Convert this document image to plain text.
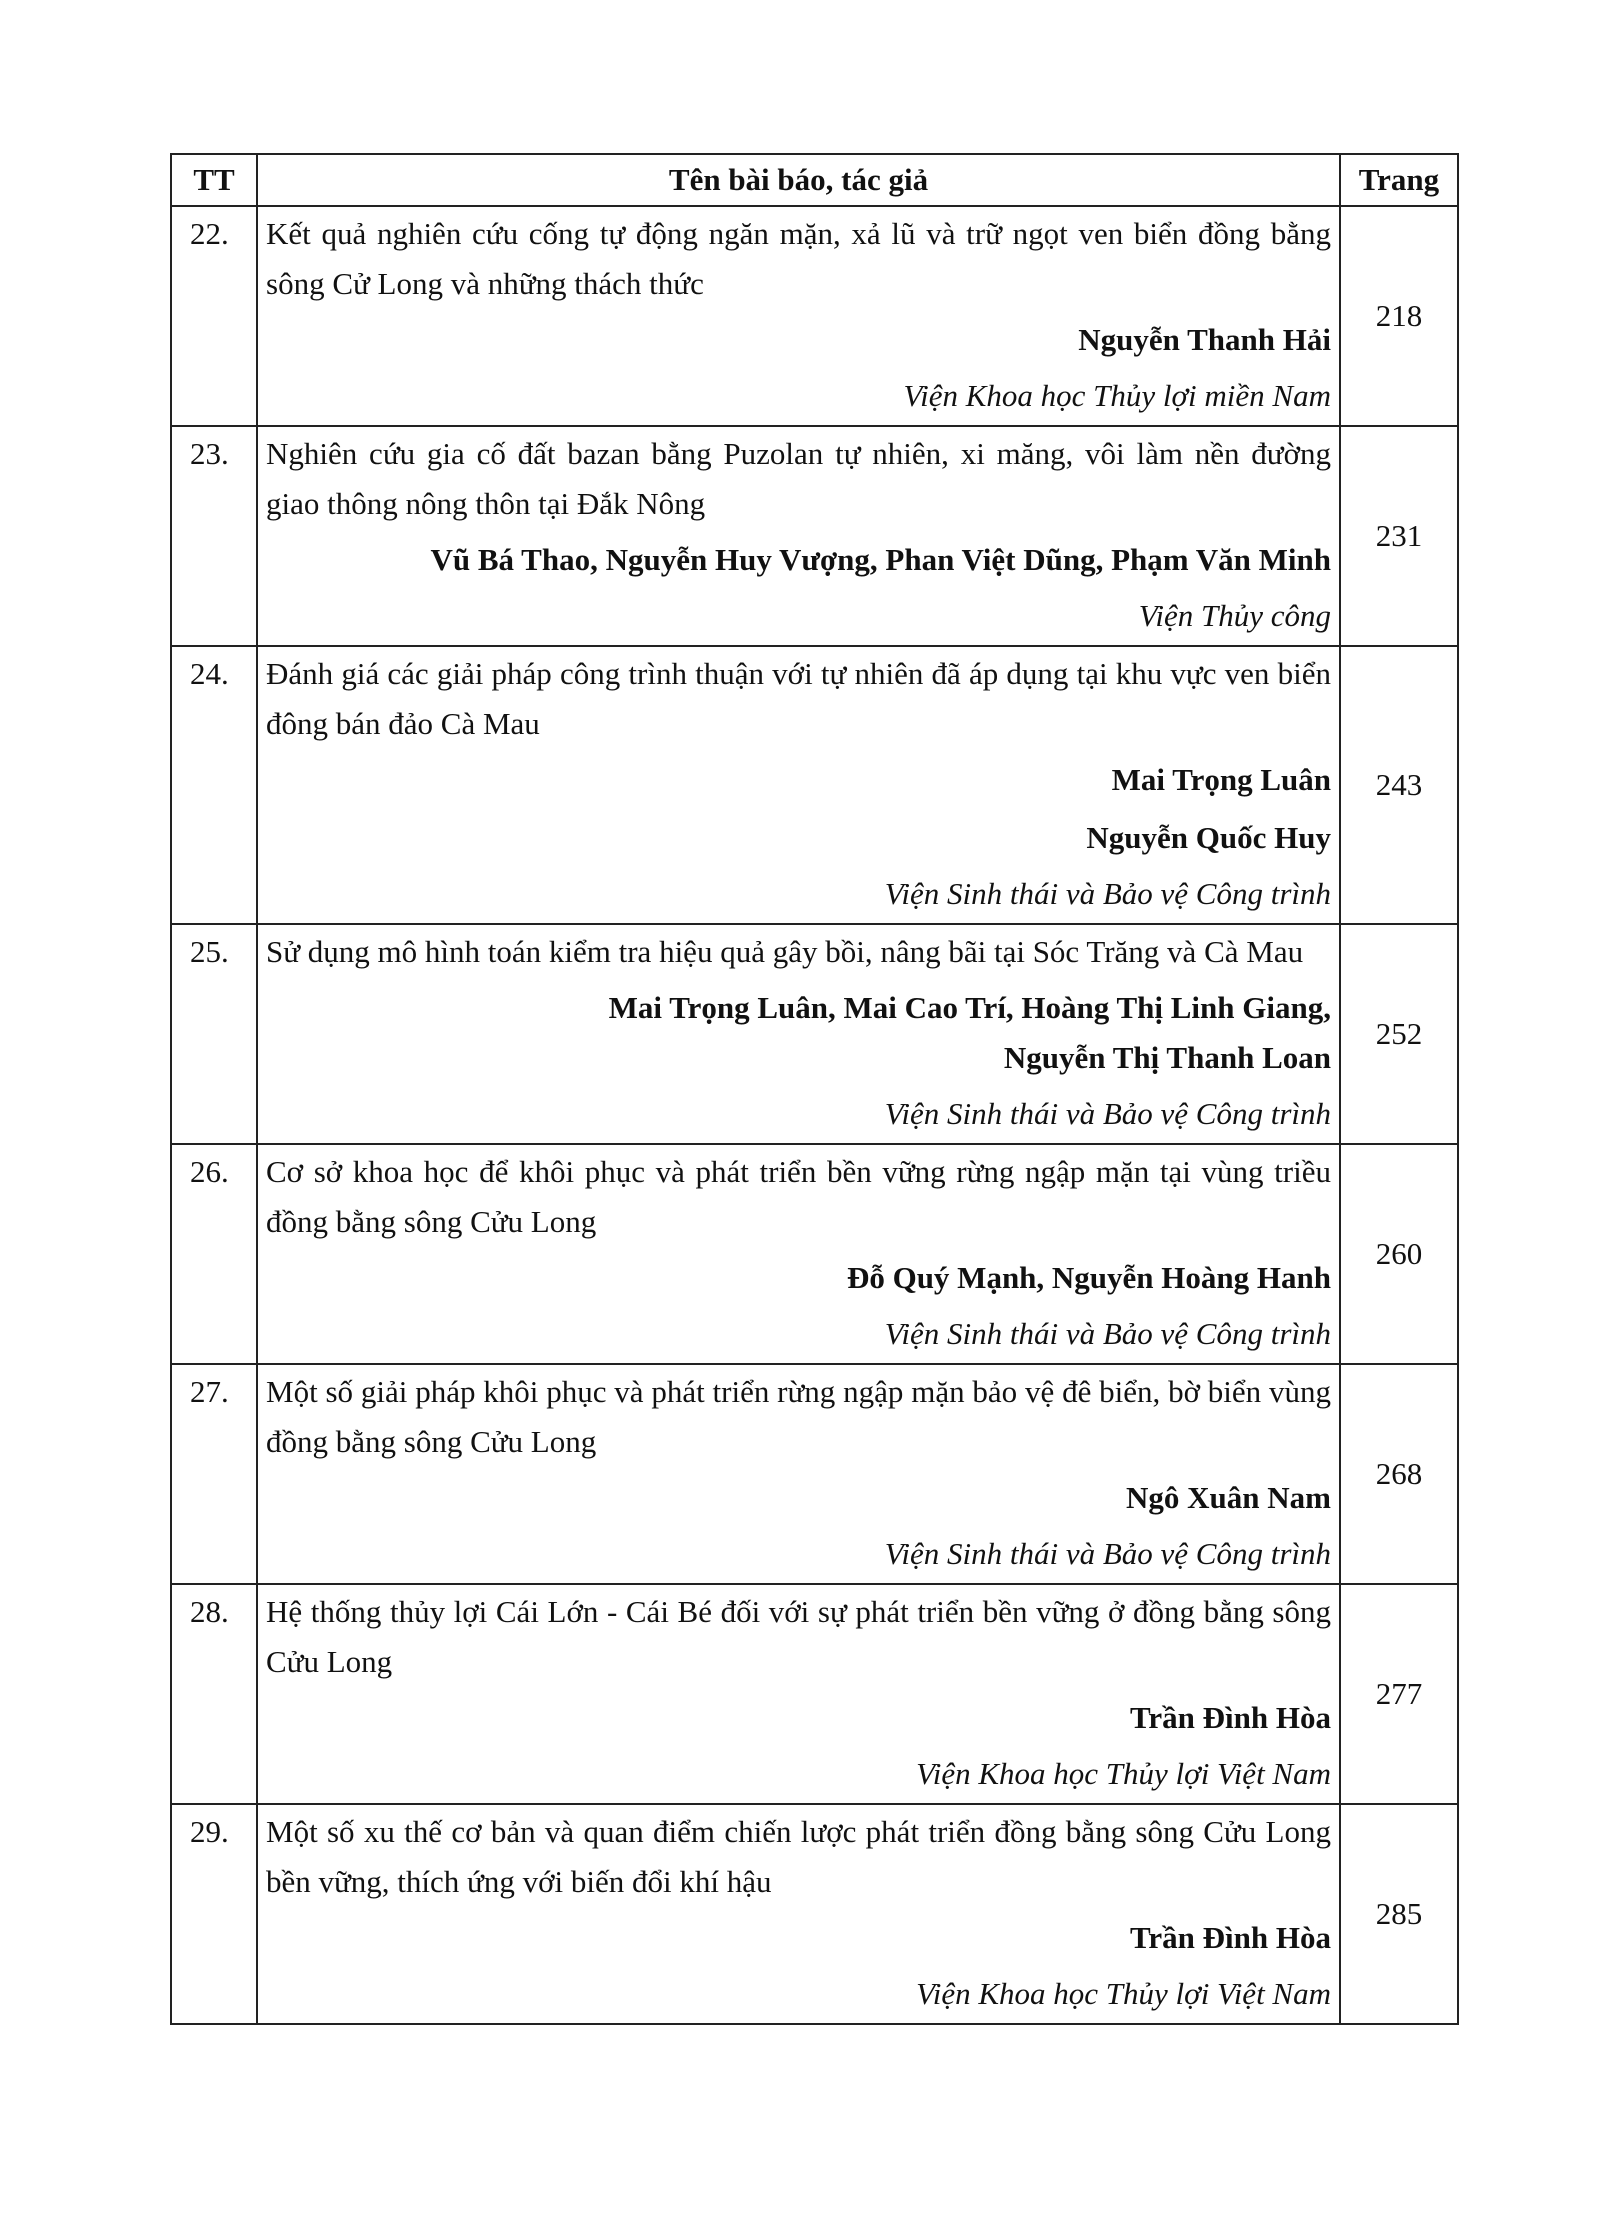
TT	Tên bài báo, tác giả	Trang
22.	Kết quả nghiên cứu cống tự động ngăn mặn, xả lũ và trữ ngọt ven biển đồng bằng sông Cử Long và những thách thức
Nguyễn Thanh Hải
Viện Khoa học Thủy lợi miền Nam	218
23.	Nghiên cứu gia cố đất bazan bằng Puzolan tự nhiên, xi măng, vôi làm nền đường giao thông nông thôn tại Đắk Nông
Vũ Bá Thao, Nguyễn Huy Vượng, Phan Việt Dũng, Phạm Văn Minh
Viện Thủy công	231
24.	Đánh giá các giải pháp công trình thuận với tự nhiên đã áp dụng tại khu vực ven biển đông bán đảo Cà Mau
Mai Trọng Luân
Nguyễn Quốc Huy
Viện Sinh thái và Bảo vệ Công trình	243
25.	Sử dụng mô hình toán kiểm tra hiệu quả gây bồi, nâng bãi tại Sóc Trăng và Cà Mau
Mai Trọng Luân, Mai Cao Trí, Hoàng Thị Linh Giang,
Nguyễn Thị Thanh Loan
Viện Sinh thái và Bảo vệ Công trình	252
26.	Cơ sở khoa học để khôi phục và phát triển bền vững rừng ngập mặn tại vùng triều đồng bằng sông Cửu Long
Đỗ Quý Mạnh, Nguyễn Hoàng Hanh
Viện Sinh thái và Bảo vệ Công trình	260
27.	Một số giải pháp khôi phục và phát triển rừng ngập mặn bảo vệ đê biển, bờ biển vùng đồng bằng sông Cửu Long
Ngô Xuân Nam
Viện Sinh thái và Bảo vệ Công trình	268
28.	Hệ thống thủy lợi Cái Lớn - Cái Bé đối với sự phát triển bền vững ở đồng bằng sông Cửu Long
Trần Đình Hòa
Viện Khoa học Thủy lợi Việt Nam	277
29.	Một số xu thế cơ bản và quan điểm chiến lược phát triển đồng bằng sông Cửu Long bền vững, thích ứng với biến đổi khí hậu
Trần Đình Hòa
Viện Khoa học Thủy lợi Việt Nam	285
